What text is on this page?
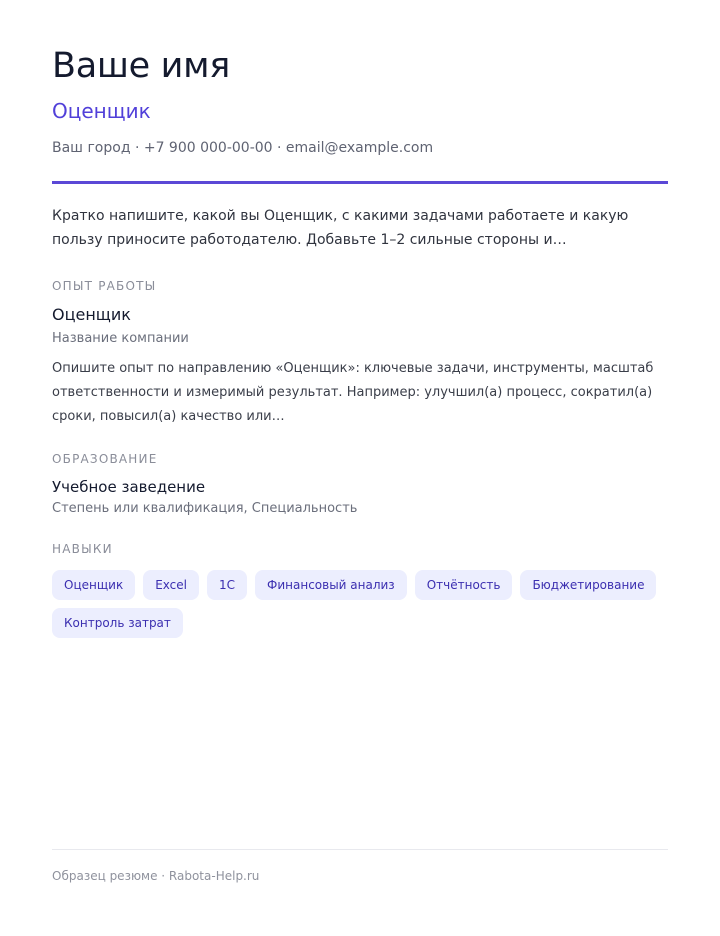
Ваше имя
Оценщик
Ваш город · +7 900 000-00-00 · email@example.com

Кратко напишите, какой вы Оценщик, с какими задачами работаете и какую пользу приносите работодателю. Добавьте 1–2 сильные стороны и…

ОПЫТ РАБОТЫ
Оценщик
Название компании

Опишите опыт по направлению «Оценщик»: ключевые задачи, инструменты, масштаб ответственности и измеримый результат. Например: улучшил(а) процесс, сократил(а) сроки, повысил(а) качество или…

ОБРАЗОВАНИЕ
Учебное заведение
Степень или квалификация, Специальность
НАВЫКИ
Оценщик	Excel	1С	Финансовый анализ	Отчётность	Бюджетирование
Контроль затрат
Образец резюме · Rabota-Help.ru
